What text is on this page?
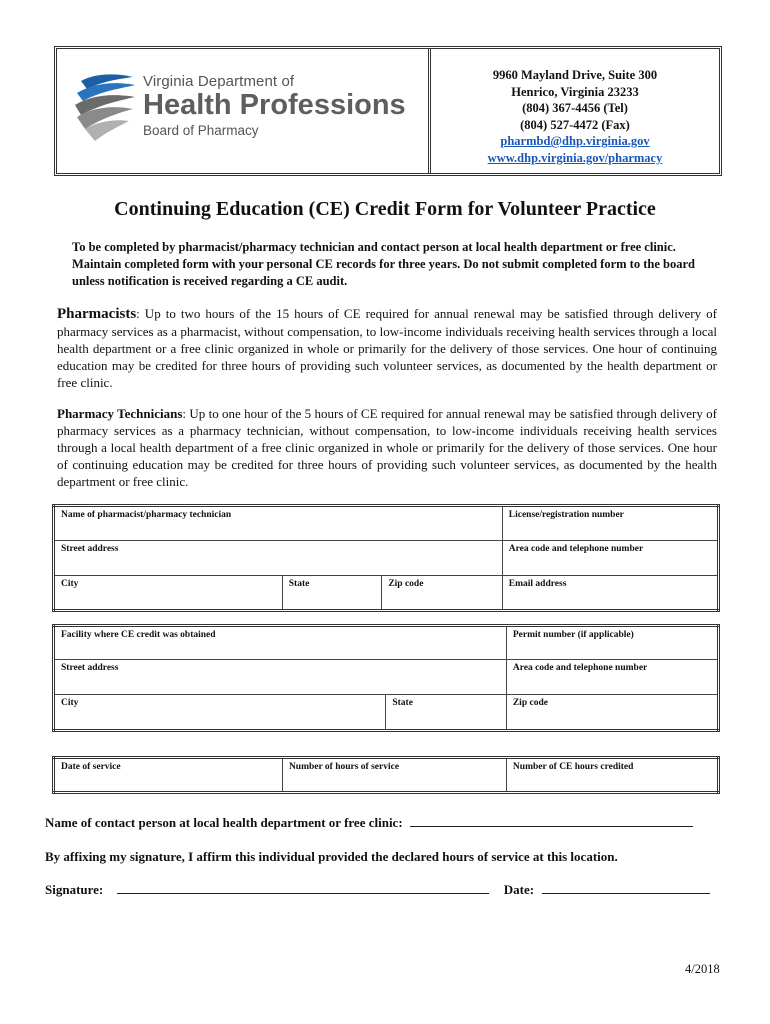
Virginia Department of
Health Professions
Board of Pharmacy
9960 Mayland Drive, Suite 300
Henrico, Virginia 23233
(804) 367-4456 (Tel)
(804) 527-4472 (Fax)
pharmbd@dhp.virginia.gov
www.dhp.virginia.gov/pharmacy
Continuing Education (CE) Credit Form for Volunteer Practice
To be completed by pharmacist/pharmacy technician and contact person at local health department or free clinic. Maintain completed form with your personal CE records for three years. Do not submit completed form to the board unless notification is received regarding a CE audit.
Pharmacists: Up to two hours of the 15 hours of CE required for annual renewal may be satisfied through delivery of pharmacy services as a pharmacist, without compensation, to low-income individuals receiving health services through a local health department or a free clinic organized in whole or primarily for the delivery of those services. One hour of continuing education may be credited for three hours of providing such volunteer services, as documented by the health department or free clinic.
Pharmacy Technicians: Up to one hour of the 5 hours of CE required for annual renewal may be satisfied through delivery of pharmacy services as a pharmacy technician, without compensation, to low-income individuals receiving health services through a local health department of a free clinic organized in whole or primarily for the delivery of those services. One hour of continuing education may be credited for three hours of providing such volunteer services, as documented by the health department or free clinic.
Name of pharmacist/pharmacy technician			License/registration number
Street address			Area code and telephone number
City	State	Zip code	Email address
Facility where CE credit was obtained		Permit number (if applicable)
Street address		Area code and telephone number
City	State	Zip code
Date of service	Number of hours of service	Number of CE hours credited
Name of contact person at local health department or free clinic:
By affixing my signature, I affirm this individual provided the declared hours of service at this location.
Signature:	Date:
4/2018
